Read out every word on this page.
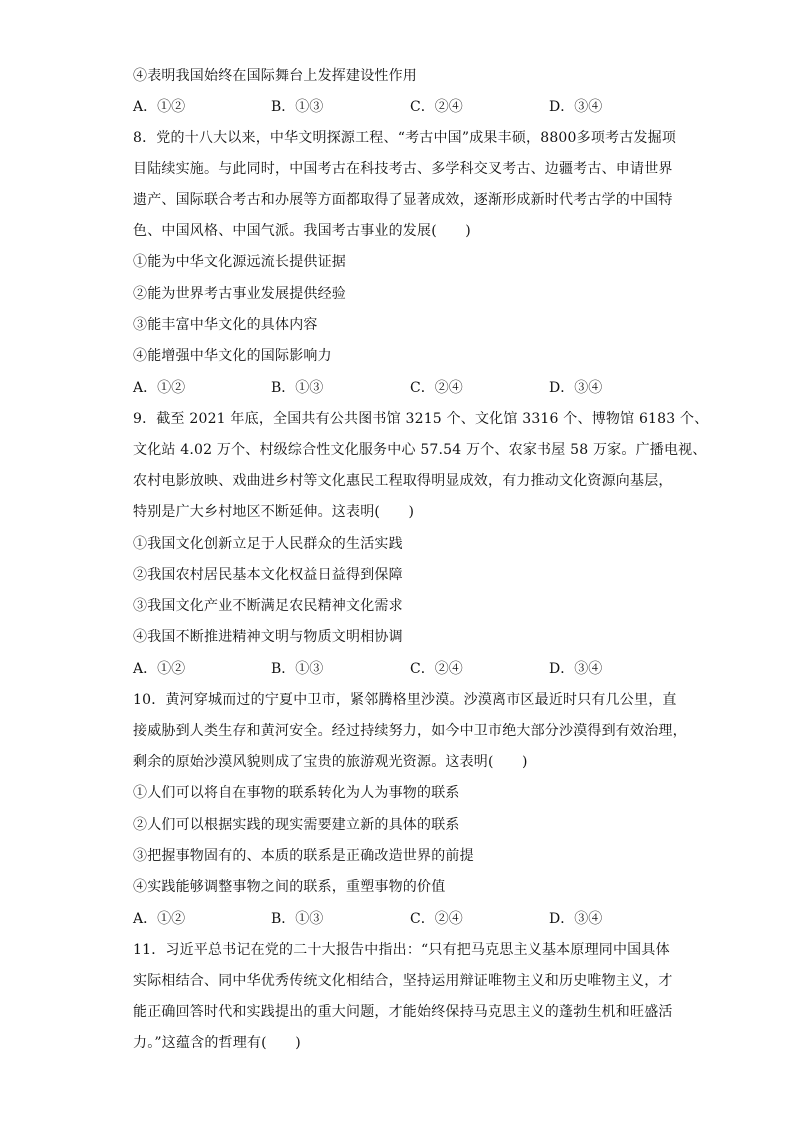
④表明我国始终在国际舞台上发挥建设性作用
A．①②	B．①③	C．②④	D．③④
8．党的十八大以来，中华文明探源工程、“考古中国”成果丰硕，8800多项考古发掘项
目陆续实施。与此同时，中国考古在科技考古、多学科交叉考古、边疆考古、申请世界
遗产、国际联合考古和办展等方面都取得了显著成效，逐渐形成新时代考古学的中国特
色、中国风格、中国气派。我国考古事业的发展(　　)
①能为中华文化源远流长提供证据
②能为世界考古事业发展提供经验
③能丰富中华文化的具体内容
④能增强中华文化的国际影响力
A．①②	B．①③	C．②④	D．③④
9．截至 2021 年底，全国共有公共图书馆 3215 个、文化馆 3316 个、博物馆 6183 个、
文化站 4.02 万个、村级综合性文化服务中心 57.54 万个、农家书屋 58 万家。广播电视、
农村电影放映、戏曲进乡村等文化惠民工程取得明显成效，有力推动文化资源向基层，
特别是广大乡村地区不断延伸。这表明(　　)
①我国文化创新立足于人民群众的生活实践
②我国农村居民基本文化权益日益得到保障
③我国文化产业不断满足农民精神文化需求
④我国不断推进精神文明与物质文明相协调
A．①②	B．①③	C．②④	D．③④
10．黄河穿城而过的宁夏中卫市，紧邻腾格里沙漠。沙漠离市区最近时只有几公里，直
接威胁到人类生存和黄河安全。经过持续努力，如今中卫市绝大部分沙漠得到有效治理，
剩余的原始沙漠风貌则成了宝贵的旅游观光资源。这表明(　　)
①人们可以将自在事物的联系转化为人为事物的联系
②人们可以根据实践的现实需要建立新的具体的联系
③把握事物固有的、本质的联系是正确改造世界的前提
④实践能够调整事物之间的联系，重塑事物的价值
A．①②	B．①③	C．②④	D．③④
11．习近平总书记在党的二十大报告中指出：“只有把马克思主义基本原理同中国具体
实际相结合、同中华优秀传统文化相结合，坚持运用辩证唯物主义和历史唯物主义，才
能正确回答时代和实践提出的重大问题，才能始终保持马克思主义的蓬勃生机和旺盛活
力。”这蕴含的哲理有(　　)
